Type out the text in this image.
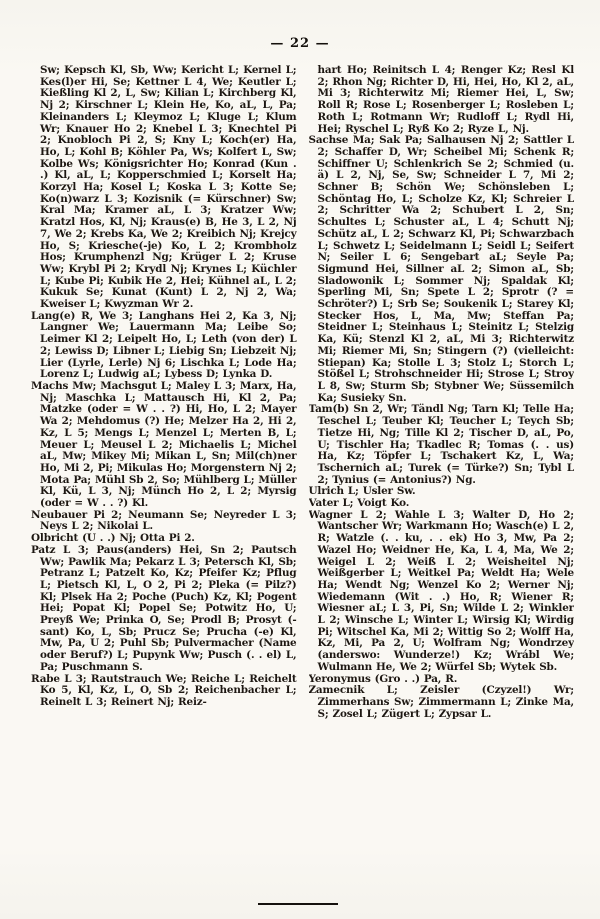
— 22 —

Sw; Kepsch Kl, Sb, Ww; Kericht L; Kernel L; Kes(l)er Hi, Se; Kettner L 4, We; Keutler L; Kießling Kl 2, L, Sw; Kilian L; Kirchberg Kl, Nj 2; Kirschner L; Klein He, Ko, aL, L, Pa; Kleinanders L; Kleymoz L; Kluge L; Klum Wr; Knauer Ho 2; Knebel L 3; Knechtel Pi 2; Knobloch Pi 2, S; Kny L; Koch(er) Ha, Ho, L; Kohl B; Köhler Pa, Ws; Kolfert L, Sw; Kolbe Ws; Königsrichter Ho; Konrad (Kun . .) Kl, aL, L; Kopperschmied L; Korselt Ha; Korzyl Ha; Kosel L; Koska L 3; Kotte Se; Ko(n)warz L 3; Kozisnik (= Kürschner) Sw; Kral Ma; Kramer aL, L 3; Kratzer Ww; Kratzl Hos, Kl, Nj; Kraus(e) B, He 3, L 2, Nj 7, We 2; Krebs Ka, We 2; Kreibich Nj; Krejcy Ho, S; Kriesche(-je) Ko, L 2; Krombholz Hos; Krumphenzl Ng; Krüger L 2; Kruse Ww; Krybl Pi 2; Krydl Nj; Krynes L; Küchler L; Kube Pi; Kubik He 2, Hei; Kühnel aL, L 2; Kukuk Se; Kunat (Kunt) L 2, Nj 2, Wa; Kweiser L; Kwyzman Wr 2.

Lang(e) R, We 3; Langhans Hei 2, Ka 3, Nj; Langner We; Lauermann Ma; Leibe So; Leimer Kl 2; Leipelt Ho, L; Leth (von der) L 2; Lewiss D; Libner L; Liebig Sn; Liebzeit Nj; Lier (Lyrle, Lerle) Nj 6; Lischka L; Lode Ha; Lorenz L; Ludwig aL; Lybess D; Lynka D.

Machs Mw; Machsgut L; Maley L 3; Marx, Ha, Nj; Maschka L; Mattausch Hi, Kl 2, Pa; Matzke (oder = W . . ?) Hi, Ho, L 2; Mayer Wa 2; Mehdomus (?) He; Melzer Ha 2, Hi 2, Kz, L 5; Mengs L; Menzel L; Merten B, L; Meuer L; Meusel L 2; Michaelis L; Michel aL, Mw; Mikey Mi; Mikan L, Sn; Mil(ch)ner Ho, Mi 2, Pi; Mikulas Ho; Morgenstern Nj 2; Mota Pa; Mühl Sb 2, So; Mühlberg L; Müller Kl, Kü, L 3, Nj; Münch Ho 2, L 2; Myrsig (oder = W . . ?) Kl.

Neubauer Pi 2; Neumann Se; Neyreder L 3; Neys L 2; Nikolai L.

Olbricht (U . .) Nj; Otta Pi 2.

Patz L 3; Paus(anders) Hei, Sn 2; Pautsch Ww; Pawlik Ma; Pekarz L 3; Petersch Kl, Sb; Petranz L; Patzelt Ko, Kz; Pfeifer Kz; Pflug L; Pietsch Kl, L, O 2, Pi 2; Pleka (= Pilz?) Kl; Plsek Ha 2; Poche (Puch) Kz, Kl; Pogent Hei; Popat Kl; Popel Se; Potwitz Ho, U; Preyß We; Prinka O, Se; Prodl B; Prosyt (-sant) Ko, L, Sb; Prucz Se; Prucha (-e) Kl, Mw, Pa, U 2; Puhl Sb; Pulvermacher (Name oder Beruf?) L; Pupynk Ww; Pusch (. . el) L, Pa; Puschmann S.

Rabe L 3; Rautstrauch We; Reiche L; Reichelt Ko 5, Kl, Kz, L, O, Sb 2; Reichenbacher L; Reinelt L 3; Reinert Nj; Reiz-

hart Ho; Reinitsch L 4; Renger Kz; Resl Kl 2; Rhon Ng; Richter D, Hi, Hei, Ho, Kl 2, aL, Mi 3; Richterwitz Mi; Riemer Hei, L, Sw; Roll R; Rose L; Rosenberger L; Rosleben L; Roth L; Rotmann Wr; Rudloff L; Rydl Hi, Hei; Ryschel L; Ryß Ko 2; Ryze L, Nj.

Sachse Ma; Sak Pa; Salhausen Nj 2; Sattler L 2; Schaffer D, Wr; Scheibel Mi; Schenk R; Schiffner U; Schlenkrich Se 2; Schmied (u. ä) L 2, Nj, Se, Sw; Schneider L 7, Mi 2; Schner B; Schön We; Schönsleben L; Schöntag Ho, L; Scholze Kz, Kl; Schreier L 2; Schritter Wa 2; Schubert L 2, Sn; Schultes L; Schuster aL, L 4; Schutt Nj; Schütz aL, L 2; Schwarz Kl, Pi; Schwarzbach L; Schwetz L; Seidelmann L; Seidl L; Seifert N; Seiler L 6; Sengebart aL; Seyle Pa; Sigmund Hei, Sillner aL 2; Simon aL, Sb; Sladowonik L; Sommer Nj; Spaldak Kl; Sperling Mi, Sn; Spete L 2; Sprotr (? = Schröter?) L; Srb Se; Soukenik L; Starey Kl; Stecker Hos, L, Ma, Mw; Steffan Pa; Steidner L; Steinhaus L; Steinitz L; Stelzig Ka, Kü; Stenzl Kl 2, aL, Mi 3; Richterwitz Mi; Riemer Mi, Sn; Stingern (?) (vielleicht: Stiepan) Ka; Stolle L 3; Stolz L; Storch L; Stößel L; Strohschneider Hi; Strose L; Stroy L 8, Sw; Sturm Sb; Stybner We; Süssemilch Ka; Susieky Sn.

Tam(b) Sn 2, Wr; Tändl Ng; Tarn Kl; Telle Ha; Teschel L; Teuber Kl; Teucher L; Teych Sb; Tietze Hi, Ng; Tille Kl 2; Tischer D, aL, Po, U; Tischler Ha; Tkadlec R; Tomas (. . us) Ha, Kz; Töpfer L; Tschakert Kz, L, Wa; Tschernich aL; Turek (= Türke?) Sn; Tybl L 2; Tynius (= Antonius?) Ng.

Ulrich L; Usler Sw.

Vater L; Voigt Ko.

Wagner L 2; Wahle L 3; Walter D, Ho 2; Wantscher Wr; Warkmann Ho; Wasch(e) L 2, R; Watzle (. . ku, . . ek) Ho 3, Mw, Pa 2; Wazel Ho; Weidner He, Ka, L 4, Ma, We 2; Weigel L 2; Weiß L 2; Weisheitel Nj; Weißgerber L; Weitkel Pa; Weldt Ha; Wele Ha; Wendt Ng; Wenzel Ko 2; Werner Nj; Wiedemann (Wit . .) Ho, R; Wiener R; Wiesner aL; L 3, Pi, Sn; Wilde L 2; Winkler L 2; Winsche L; Winter L; Wirsig Kl; Wirdig Pi; Witschel Ka, Mi 2; Wittig So 2; Wolff Ha, Kz, Mi, Pa 2, U; Wolfram Ng; Wondrzey (anderswo: Wunderze!) Kz; Wrábl We; Wulmann He, We 2; Würfel Sb; Wytek Sb.

Yeronymus (Gro . .) Pa, R.

Zamecnik L; Zeisler (Czyzel!) Wr; Zimmerhans Sw; Zimmermann L; Zinke Ma, S; Zosel L; Zügert L; Zypsar L.
